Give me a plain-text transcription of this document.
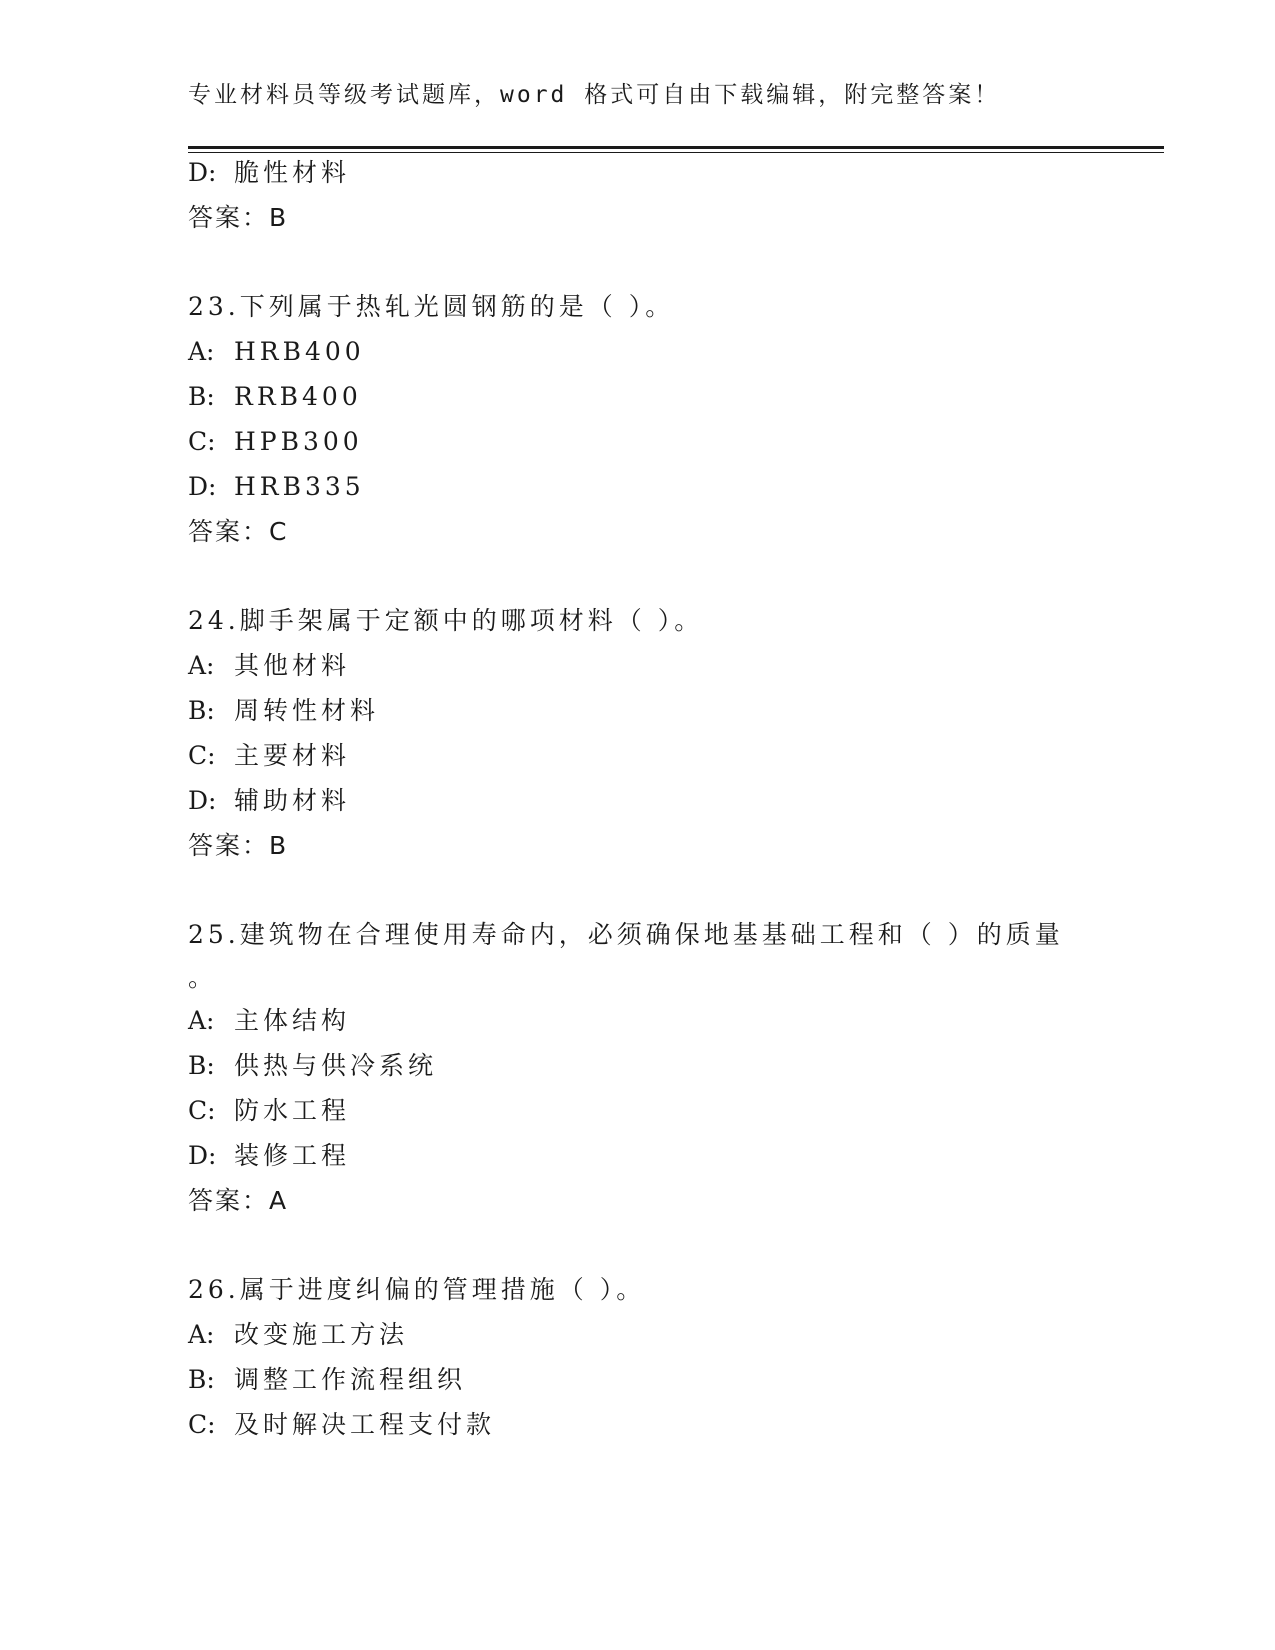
专业材料员等级考试题库，word 格式可自由下载编辑，附完整答案！
D: 脆性材料
答案：B
23.下列属于热轧光圆钢筋的是（ ）。
A: HRB400
B: RRB400
C: HPB300
D: HRB335
答案：C
24.脚手架属于定额中的哪项材料（ ）。
A: 其他材料
B: 周转性材料
C: 主要材料
D: 辅助材料
答案：B
25.建筑物在合理使用寿命内，必须确保地基基础工程和（ ）的质量
。
A: 主体结构
B: 供热与供冷系统
C: 防水工程
D: 装修工程
答案：A
26.属于进度纠偏的管理措施（ ）。
A: 改变施工方法
B: 调整工作流程组织
C: 及时解决工程支付款
